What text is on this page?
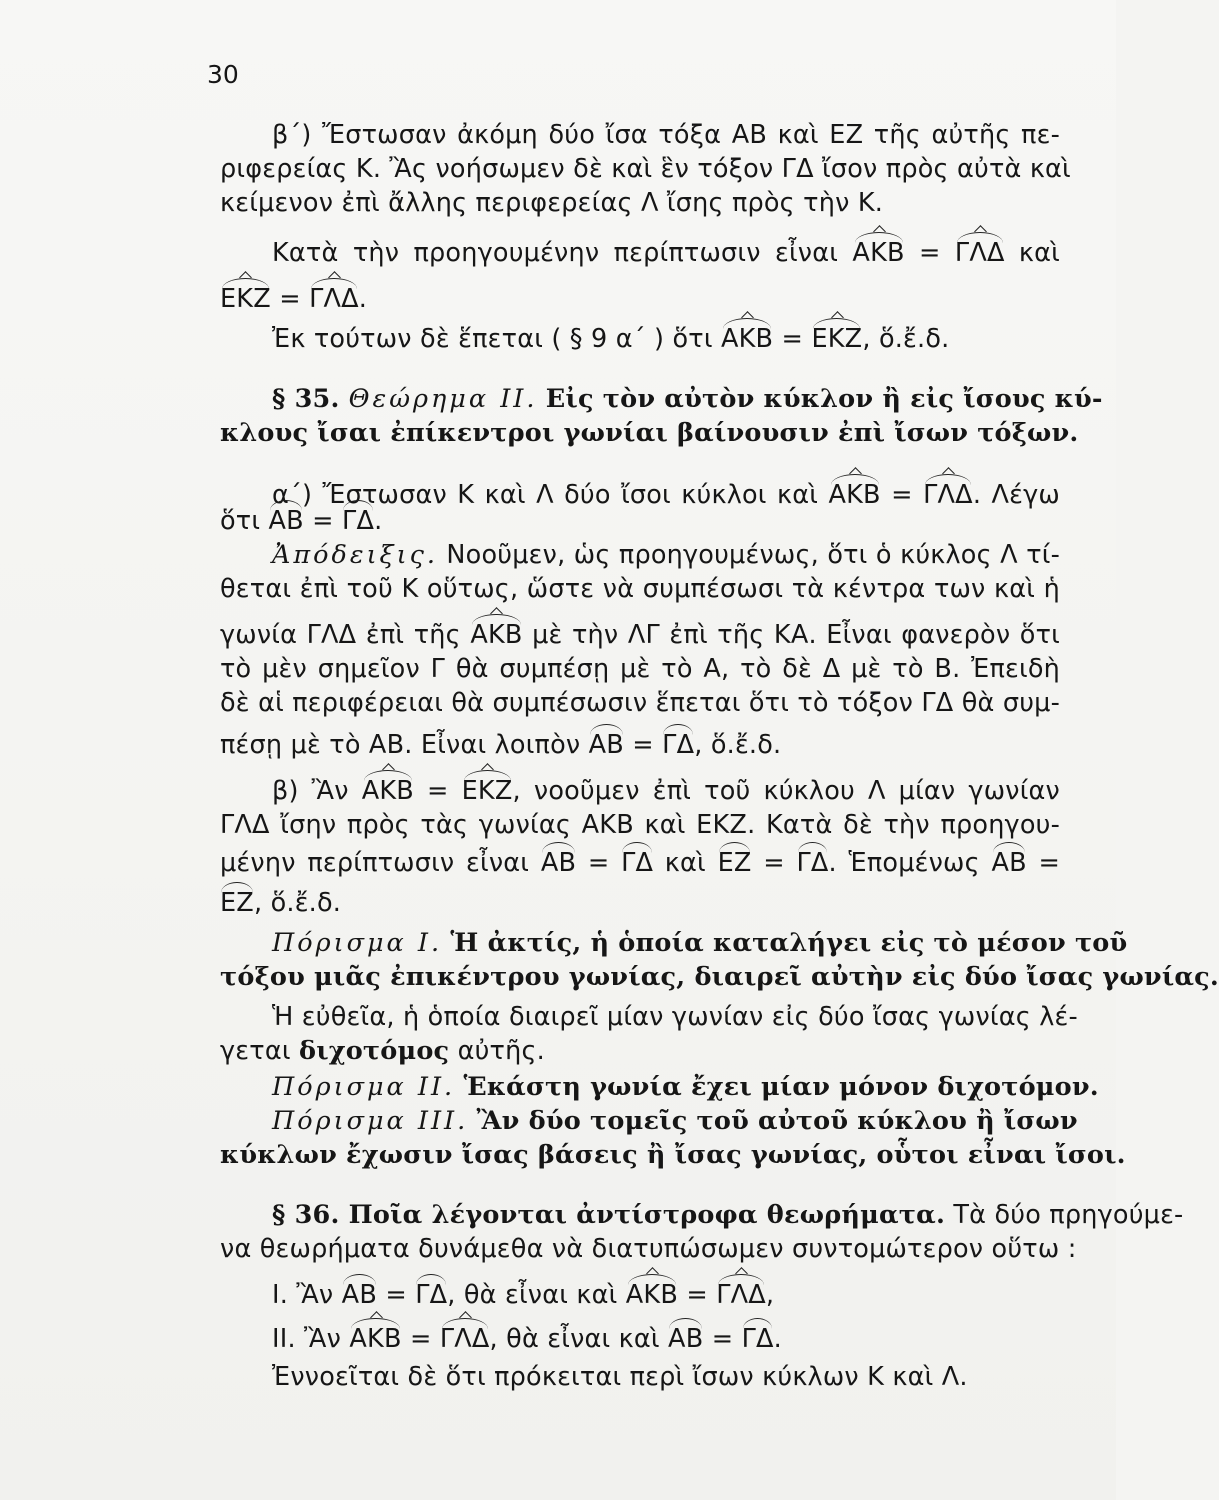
30
β΄) Ἔστωσαν ἀκόμη δύο ἴσα τόξα ΑΒ καὶ ΕΖ τῆς αὐτῆς πε-
ριφερείας Κ. Ἂς νοήσωμεν δὲ καὶ ἓν τόξον ΓΔ ἴσον πρὸς αὐτὰ καὶ
κείμενον ἐπὶ ἄλλης περιφερείας Λ ἴσης πρὸς τὴν Κ.
Κατὰ τὴν προηγουμένην περίπτωσιν εἶναι ΑΚΒ = ΓΛΔ καὶ
ΕΚΖ = ΓΛΔ.
Ἐκ τούτων δὲ ἕπεται ( § 9 α΄ ) ὅτι ΑΚΒ = ΕΚΖ, ὅ.ἔ.δ.
§ 35. Θεώρημα ΙΙ. Εἰς τὸν αὐτὸν κύκλον ἢ εἰς ἴσους κύ-
κλους ἴσαι ἐπίκεντροι γωνίαι βαίνουσιν ἐπὶ ἴσων τόξων.
α΄) Ἔστωσαν Κ καὶ Λ δύο ἴσοι κύκλοι καὶ ΑΚΒ = ΓΛΔ. Λέγω
ὅτι ΑΒ = ΓΔ.
Ἀπόδειξις. Νοοῦμεν, ὡς προηγουμένως, ὅτι ὁ κύκλος Λ τί-
θεται ἐπὶ τοῦ Κ οὕτως, ὥστε νὰ συμπέσωσι τὰ κέντρα των καὶ ἡ
γωνία ΓΛΔ ἐπὶ τῆς ΑΚΒ μὲ τὴν ΛΓ ἐπὶ τῆς ΚΑ. Εἶναι φανερὸν ὅτι
τὸ μὲν σημεῖον Γ θὰ συμπέσῃ μὲ τὸ Α, τὸ δὲ Δ μὲ τὸ Β. Ἐπειδὴ
δὲ αἱ περιφέρειαι θὰ συμπέσωσιν ἕπεται ὅτι τὸ τόξον ΓΔ θὰ συμ-
πέσῃ μὲ τὸ ΑΒ. Εἶναι λοιπὸν ΑΒ = ΓΔ, ὅ.ἔ.δ.
β) Ἂν ΑΚΒ = ΕΚΖ, νοοῦμεν ἐπὶ τοῦ κύκλου Λ μίαν γωνίαν
ΓΛΔ ἴσην πρὸς τὰς γωνίας ΑΚΒ καὶ ΕΚΖ. Κατὰ δὲ τὴν προηγου-
μένην περίπτωσιν εἶναι ΑΒ = ΓΔ καὶ ΕΖ = ΓΔ. Ἑπομένως ΑΒ =
ΕΖ, ὅ.ἔ.δ.
Πόρισμα Ι. Ἡ ἀκτίς, ἡ ὁποία καταλήγει εἰς τὸ μέσον τοῦ
τόξου μιᾶς ἐπικέντρου γωνίας, διαιρεῖ αὐτὴν εἰς δύο ἴσας γωνίας.
Ἡ εὐθεῖα, ἡ ὁποία διαιρεῖ μίαν γωνίαν εἰς δύο ἴσας γωνίας λέ-
γεται διχοτόμος αὐτῆς.
Πόρισμα ΙΙ. Ἑκάστη γωνία ἔχει μίαν μόνον διχοτόμον.
Πόρισμα ΙΙΙ. Ἂν δύο τομεῖς τοῦ αὐτοῦ κύκλου ἢ ἴσων
κύκλων ἔχωσιν ἴσας βάσεις ἢ ἴσας γωνίας, οὗτοι εἶναι ἴσοι.
§ 36. Ποῖα λέγονται ἀντίστροφα θεωρήματα. Τὰ δύο πρηγούμε-
να θεωρήματα δυνάμεθα νὰ διατυπώσωμεν συντομώτερον οὕτω :
Ι. Ἂν ΑΒ = ΓΔ, θὰ εἶναι καὶ ΑΚΒ = ΓΛΔ,
ΙΙ. Ἂν ΑΚΒ = ΓΛΔ, θὰ εἶναι καὶ ΑΒ = ΓΔ.
Ἐννοεῖται δὲ ὅτι πρόκειται περὶ ἴσων κύκλων Κ καὶ Λ.
